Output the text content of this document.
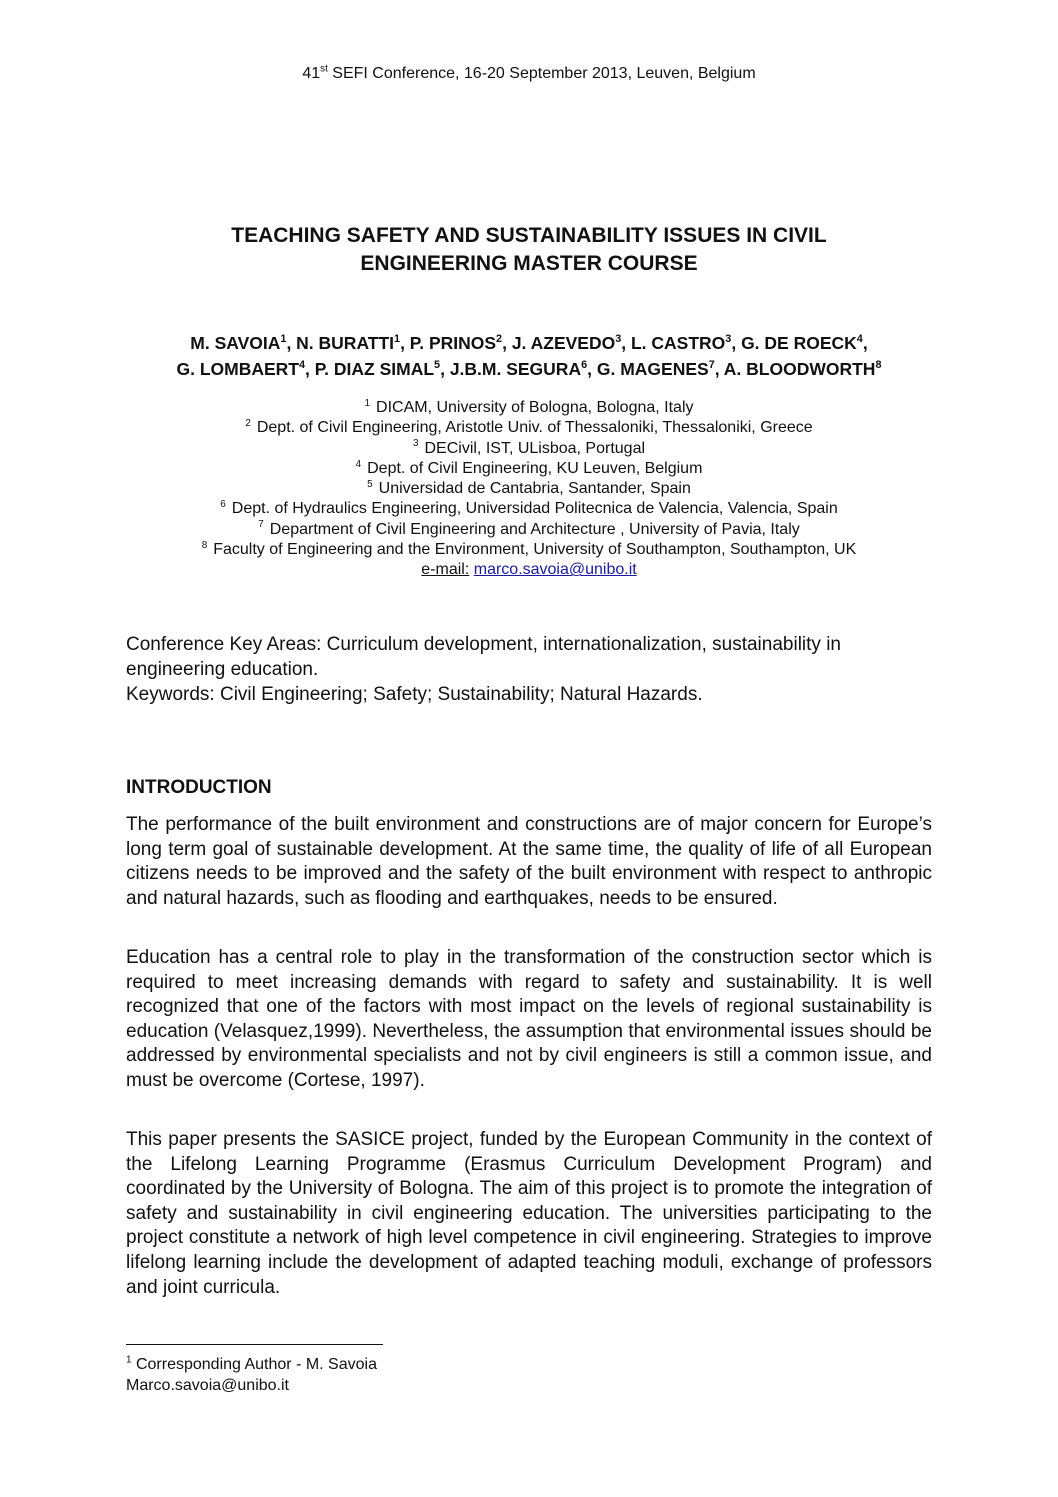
41st SEFI Conference, 16-20 September 2013, Leuven, Belgium
TEACHING SAFETY AND SUSTAINABILITY ISSUES IN CIVIL
ENGINEERING MASTER COURSE
M. SAVOIA$^1$, N. BURATTI$^1$, P. PRINOS$^2$, J. AZEVEDO$^3$, L. CASTRO$^3$, G. DE ROECK$^4$,
G. LOMBAERT$^4$, P. DIAZ SIMAL$^5$, J.B.M. SEGURA$^6$, G. MAGENES$^7$, A. BLOODWORTH$^8$
$^1$ DICAM, University of Bologna, Bologna, Italy
$^2$ Dept. of Civil Engineering, Aristotle Univ. of Thessaloniki, Thessaloniki, Greece
$^3$ DECivil, IST, ULisboa, Portugal
$^4$ Dept. of Civil Engineering, KU Leuven, Belgium
$^5$ Universidad de Cantabria, Santander, Spain
$^6$ Dept. of Hydraulics Engineering, Universidad Politecnica de Valencia, Valencia, Spain
$^7$ Department of Civil Engineering and Architecture , University of Pavia, Italy
$^8$ Faculty of Engineering and the Environment, University of Southampton, Southampton, UK
e-mail: marco.savoia@unibo.it
Conference Key Areas: Curriculum development, internationalization, sustainability in engineering education.
Keywords: Civil Engineering; Safety; Sustainability; Natural Hazards.
INTRODUCTION
The performance of the built environment and constructions are of major concern for Europe’s long term goal of sustainable development. At the same time, the quality of life of all European citizens needs to be improved and the safety of the built environment with respect to anthropic and natural hazards, such as flooding and earthquakes, needs to be ensured.
Education has a central role to play in the transformation of the construction sector which is required to meet increasing demands with regard to safety and sustainability. It is well recognized that one of the factors with most impact on the levels of regional sustainability is education (Velasquez,1999). Nevertheless, the assumption that environmental issues should be addressed by environmental specialists and not by civil engineers is still a common issue, and must be overcome (Cortese, 1997).
This paper presents the SASICE project, funded by the European Community in the context of the Lifelong Learning Programme (Erasmus Curriculum Development Program) and coordinated by the University of Bologna. The aim of this project is to promote the integration of safety and sustainability in civil engineering education. The universities participating to the project constitute a network of high level competence in civil engineering. Strategies to improve lifelong learning include the development of adapted teaching moduli, exchange of professors and joint curricula.
$^1$ Corresponding Author - M. Savoia
Marco.savoia@unibo.it
